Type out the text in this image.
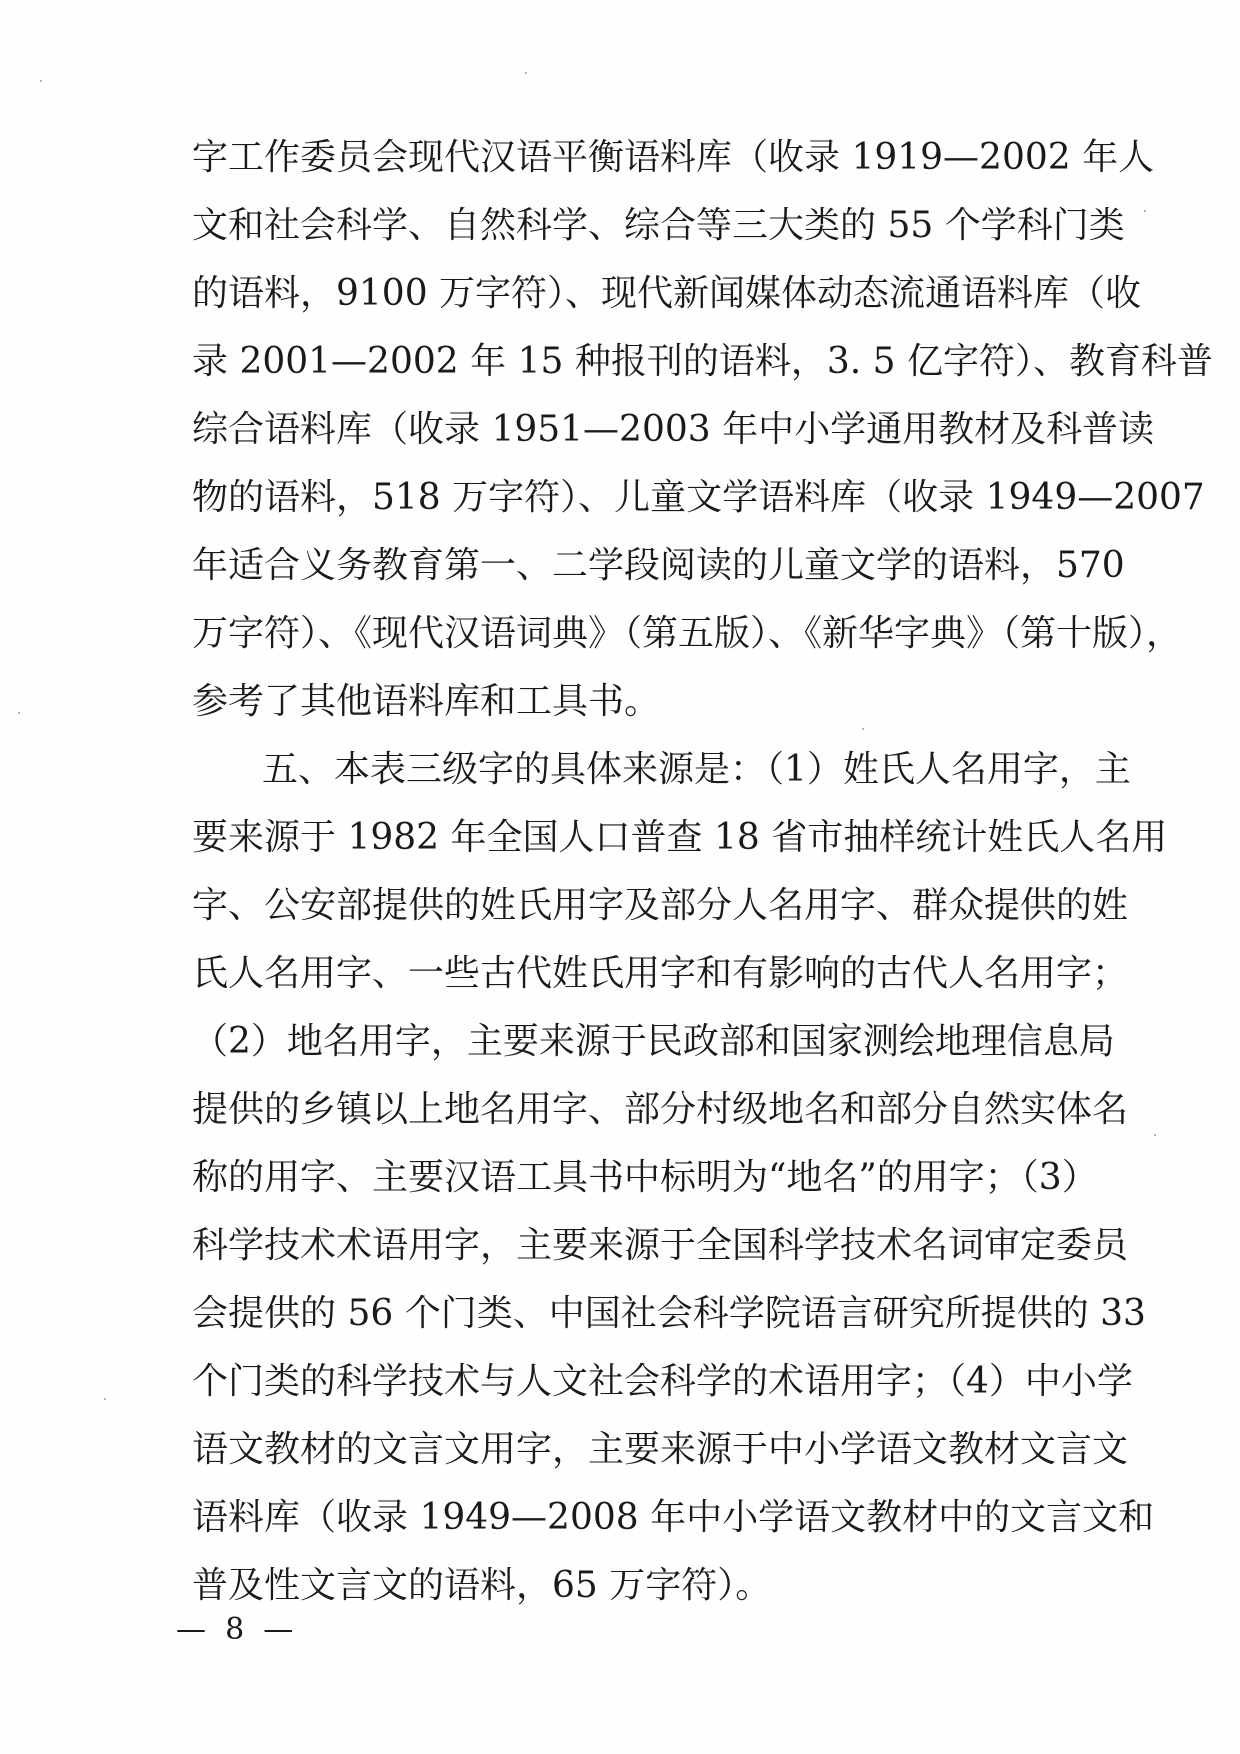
字工作委员会现代汉语平衡语料库（收录 1919—2002 年人
文和社会科学、自然科学、综合等三大类的 55 个学科门类
的语料，9100 万字符）、现代新闻媒体动态流通语料库（收
录 2001—2002 年 15 种报刊的语料，3. 5 亿字符）、教育科普
综合语料库（收录 1951—2003 年中小学通用教材及科普读
物的语料，518 万字符）、儿童文学语料库（收录 1949—2007
年适合义务教育第一、二学段阅读的儿童文学的语料，570
万字符）、《现代汉语词典》（第五版）、《新华字典》（第十版），
参考了其他语料库和工具书。
五、本表三级字的具体来源是：（1）姓氏人名用字，主
要来源于 1982 年全国人口普查 18 省市抽样统计姓氏人名用
字、公安部提供的姓氏用字及部分人名用字、群众提供的姓
氏人名用字、一些古代姓氏用字和有影响的古代人名用字；
（2）地名用字，主要来源于民政部和国家测绘地理信息局
提供的乡镇以上地名用字、部分村级地名和部分自然实体名
称的用字、主要汉语工具书中标明为“地名”的用字；（3）
科学技术术语用字，主要来源于全国科学技术名词审定委员
会提供的 56 个门类、中国社会科学院语言研究所提供的 33
个门类的科学技术与人文社会科学的术语用字；（4）中小学
语文教材的文言文用字，主要来源于中小学语文教材文言文
语料库（收录 1949—2008 年中小学语文教材中的文言文和
普及性文言文的语料，65 万字符）。
—  8  —
